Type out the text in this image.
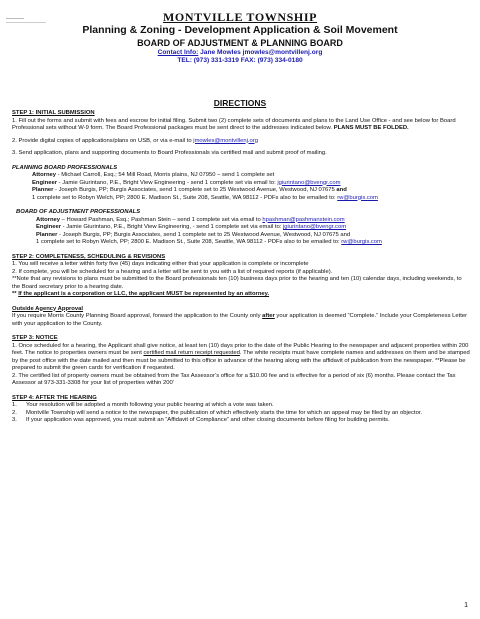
MONTVILLE TOWNSHIP
Planning & Zoning - Development Application & Soil Movement
BOARD OF ADJUSTMENT & PLANNING BOARD
Contact Info: Jane Mowles jmowles@montvillenj.org
TEL: (973) 331-3319 FAX: (973) 334-0180
DIRECTIONS

STEP 1: INITIAL SUBMISSION

1. Fill out the forms and submit with fees and escrow for initial filing. Submit two (2) complete sets of documents and plans to the Land Use Office - and see below for Board Professional sets without W-9 form. The Board Professional packages must be sent direct to the addresses indicated below. PLANS MUST BE FOLDED.

2. Provide digital copies of applications/plans on USB, or via e-mail to jmowles@montvillenj.org

3. Send application, plans and supporting documents to Board Professionals via certified mail and submit proof of mailing.

PLANNING BOARD PROFESSIONALS

Attorney - Michael Carroll, Esq.; 54 Mill Road, Morris plains, NJ 07950 – send 1 complete set

Engineer - Jamie Giurintano, P.E., Bright View Engineering - send 1 complete set via email to: jgiurintano@bvengr.com

Planner - Joseph Burgis, PP; Burgis Associates, send 1 complete set to 25 Westwood Avenue, Westwood, NJ 07675 and

1 complete set to Robyn Welch, PP; 2800 E. Madison St., Suite 208, Seattle, WA 98112 - PDFs also to be emailed to: rw@burgis.com

BOARD OF ADJUSTMENT PROFESSIONALS

Attorney – Howard Pashman, Esq.; Pashman Stein – send 1 complete set via email to hpashman@pashmanstein.com

Engineer - Jamie Giurintano, P.E., Bright View Engineering, - send 1 complete set via email to: jgiurintano@bvengr.com

Planner - Joseph Burgis, PP; Burgis Associates, send 1 complete set to 25 Westwood Avenue, Westwood, NJ 07675 and

1 complete set to Robyn Welch, PP; 2800 E. Madison St., Suite 208, Seattle, WA 98112 - PDFs also to be emailed to: rw@burgis.com

STEP 2: COMPLETENESS, SCHEDULING & REVISIONS

1. You will receive a letter within forty five (45) days indicating either that your application is complete or incomplete

2. If complete, you will be scheduled for a hearing and a letter will be sent to you with a list of required reports (if applicable).

**Note that any revisions to plans must be submitted to the Board professionals ten (10) business days prior to the hearing and ten (10) calendar days, including weekends, to the Board secretary prior to a hearing date.

** If the applicant is a corporation or LLC, the applicant MUST be represented by an attorney.

Outside Agency Approval

If you require Morris County Planning Board approval, forward the application to the County only after your application is deemed “Complete.” Include your Completeness Letter with your application to the County.

STEP 3: NOTICE

1. Once scheduled for a hearing, the Applicant shall give notice, at least ten (10) days prior to the date of the Public Hearing to the newspaper and adjacent properties within 200 feet. The notice to properties owners must be sent certified mail return receipt requested. The white receipts must have complete names and addresses on them and be stamped by the post office with the date mailed and then must be submitted to this office in advance of the hearing along with the affidavit of publication from the newspaper. **Please be prepared to submit the green cards for verification if requested.

2. The certified list of property owners must be obtained from the Tax Assessor’s office for a $10.00 fee and is effective for a period of six (6) months. Please contact the Tax Assessor at 973-331-3308 for your list of properties within 200’

STEP 4: AFTER THE HEARING

1.	Your resolution will be adopted a month following your public hearing at which a vote was taken.
2.	Montville Township will send a notice to the newspaper, the publication of which effectively starts the time for which an appeal may be filed by an objector.
3.	If your application was approved, you must submit an “Affidavit of Compliance” and other closing documents before filing for building permits.
1
